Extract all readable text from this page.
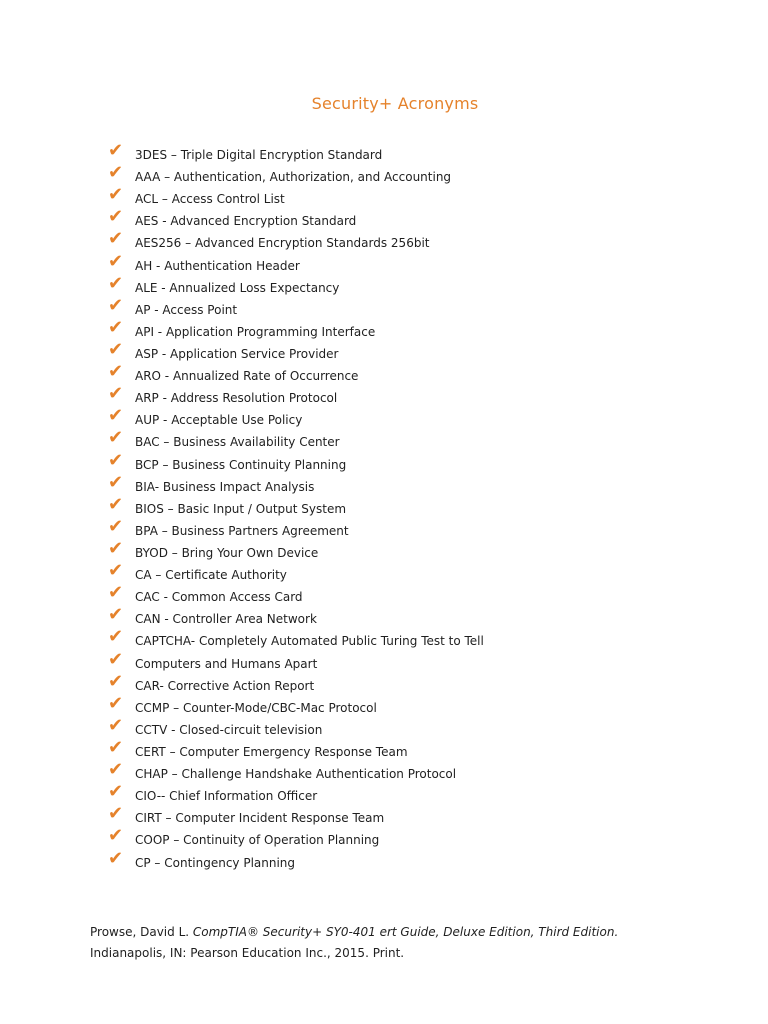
Security+ Acronyms
✔ 3DES – Triple Digital Encryption Standard
✔ AAA – Authentication, Authorization, and Accounting
✔ ACL – Access Control List
✔ AES - Advanced Encryption Standard
✔ AES256 – Advanced Encryption Standards 256bit
✔ AH - Authentication Header
✔ ALE - Annualized Loss Expectancy
✔ AP - Access Point
✔ API - Application Programming Interface
✔ ASP - Application Service Provider
✔ ARO - Annualized Rate of Occurrence
✔ ARP - Address Resolution Protocol
✔ AUP - Acceptable Use Policy
✔ BAC – Business Availability Center
✔ BCP – Business Continuity Planning
✔ BIA- Business Impact Analysis
✔ BIOS – Basic Input / Output System
✔ BPA – Business Partners Agreement
✔ BYOD – Bring Your Own Device
✔ CA – Certificate Authority
✔ CAC - Common Access Card
✔ CAN - Controller Area Network
✔ CAPTCHA- Completely Automated Public Turing Test to Tell
✔ Computers and Humans Apart
✔ CAR- Corrective Action Report
✔ CCMP – Counter-Mode/CBC-Mac Protocol
✔ CCTV - Closed-circuit television
✔ CERT – Computer Emergency Response Team
✔ CHAP – Challenge Handshake Authentication Protocol
✔ CIO-- Chief Information Officer
✔ CIRT – Computer Incident Response Team
✔ COOP – Continuity of Operation Planning
✔ CP – Contingency Planning
Prowse, David L. CompTIA® Security+ SY0-401 ert Guide, Deluxe Edition, Third Edition. Indianapolis, IN: Pearson Education Inc., 2015. Print.
